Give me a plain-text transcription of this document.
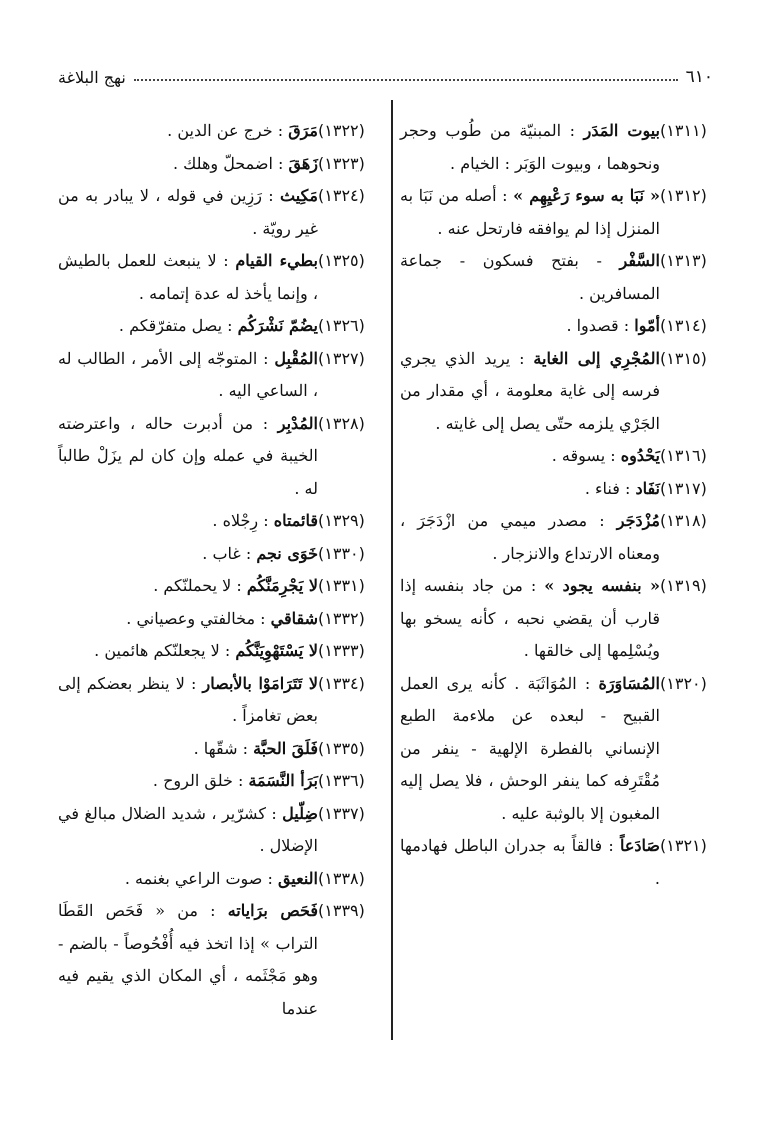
٦١٠
نهج البلاغة
(١٣١١)
بيوت المَدَر : المبنيّة من طُوب وحجر ونحوهما ، وبيوت الوَبَر : الخيام .
(١٣١٢)
« نَبَا به سوء رَعْيِهِم » : أصله من نَبَا به المنزل إذا لم يوافقه فارتحل عنه .
(١٣١٣)
السَّفْر - بفتح فسكون - جماعة المسافرين .
(١٣١٤)
أمّوا : قصدوا .
(١٣١٥)
المُجْرِي إلى الغاية : يريد الذي يجري فرسه إلى غاية معلومة ، أي مقدار من الجَرْي يلزمه حتّى يصل إلى غايته .
(١٣١٦)
يَحْدُوه : يسوقه .
(١٣١٧)
نَفَاد : فناء .
(١٣١٨)
مُزْدَجَر : مصدر ميمي من ازْدَجَرَ ، ومعناه الارتداع والانزجار .
(١٣١٩)
« بنفسه يجود » : من جاد بنفسه إذا قارب أن يقضي نحبه ، كأنه يسخو بها ويُسْلِمها إلى خالقها .
(١٣٢٠)
المُسَاوَرَة : المُوَاثَبَة . كأنه يرى العمل القبيح - لبعده عن ملاءمة الطبع الإنساني بالفطرة الإلهية - ينفر من مُقْتَرِفه كما ينفر الوحش ، فلا يصل إليه المغبون إلا بالوثبة عليه .
(١٣٢١)
صَادَعاً : فالقاً به جدران الباطل فهادمها .
(١٣٢٢)
مَرَقَ : خرج عن الدين .
(١٣٢٣)
زَهَقَ : اضمحلّ وهلك .
(١٣٢٤)
مَكِيث : رَزِين في قوله ، لا يبادر به من غير رويّة .
(١٣٢٥)
بطيء القيام : لا ينبعث للعمل بالطيش ، وإنما يأخذ له عدة إتمامه .
(١٣٢٦)
يضُمّ نَشْرَكُم : يصل متفرّقكم .
(١٣٢٧)
المُقْبِل : المتوجّه إلى الأمر ، الطالب له ، الساعي اليه .
(١٣٢٨)
المُدْبِر : من أدبرت حاله ، واعترضته الخيبة في عمله وإن كان لم يزَلْ طالباً له .
(١٣٢٩)
قائمتاه : رِجْلاه .
(١٣٣٠)
خَوَى نجم : غاب .
(١٣٣١)
لا يَجْرِمَنَّكُم : لا يحملنّكم .
(١٣٣٢)
شقاقي : مخالفتي وعصياني .
(١٣٣٣)
لا يَسْتَهْوِيَنَّكُم : لا يجعلنّكم هائمين .
(١٣٣٤)
لا تَتَرَامَوْا بالأبصار : لا ينظر بعضكم إلى بعض تغامزاً .
(١٣٣٥)
فَلَقَ الحبَّة : شقّها .
(١٣٣٦)
بَرَأ النَّسَمَة : خلق الروح .
(١٣٣٧)
ضِلّيل : كشرّير ، شديد الضلال مبالغ في الإضلال .
(١٣٣٨)
النعيق : صوت الراعي بغنمه .
(١٣٣٩)
فَحَص برَاياته : من « فَحَص القَطَا التراب » إذا اتخذ فيه أُفْحُوصاً - بالضم - وهو مَجْثَمه ، أي المكان الذي يقيم فيه عندما
